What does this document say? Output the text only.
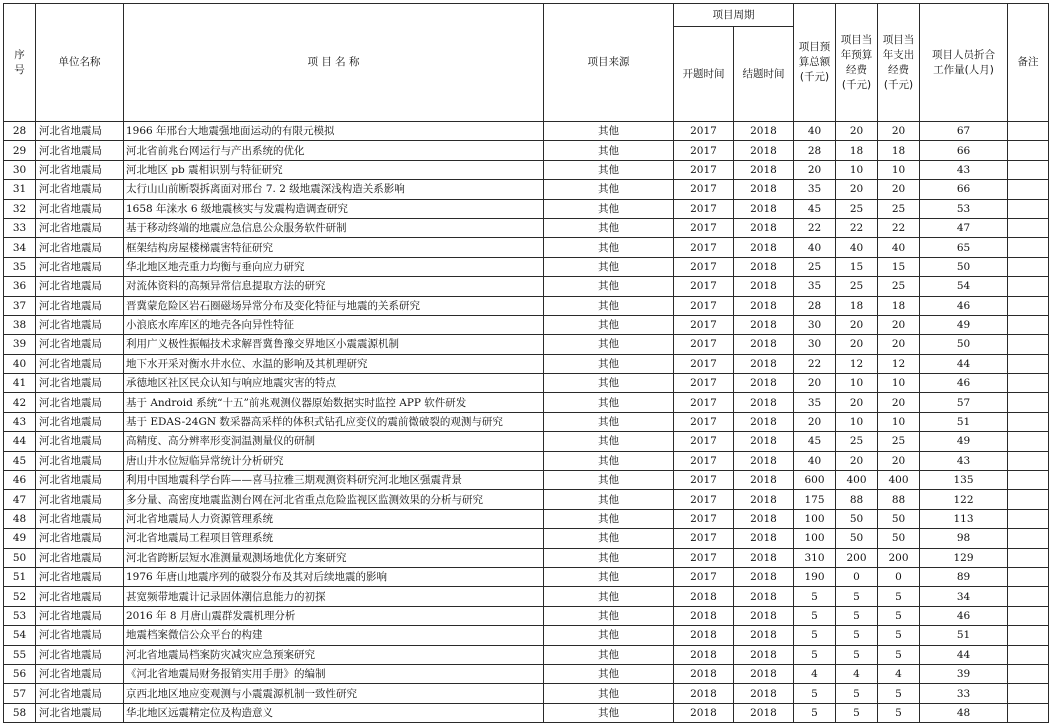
序号	单位名称	项 目 名 称	项目来源	项目周期		项目预算总额(千元)	项目当年预算经费(千元)	项目当年支出经费(千元)	项目人员折合工作量(人月)	备注
				开题时间	结题时间					
28	河北省地震局	1966 年邢台大地震强地面运动的有限元模拟	其他	2017	2018	40	20	20	67	
29	河北省地震局	河北省前兆台网运行与产出系统的优化	其他	2017	2018	28	18	18	66	
30	河北省地震局	河北地区 pb 震相识别与特征研究	其他	2017	2018	20	10	10	43	
31	河北省地震局	太行山山前断裂拆离面对邢台 7. 2 级地震深浅构造关系影响	其他	2017	2018	35	20	20	66	
32	河北省地震局	1658 年涞水 6 级地震核实与发震构造调查研究	其他	2017	2018	45	25	25	53	
33	河北省地震局	基于移动终端的地震应急信息公众服务软件研制	其他	2017	2018	22	22	22	47	
34	河北省地震局	框架结构房屋楼梯震害特征研究	其他	2017	2018	40	40	40	65	
35	河北省地震局	华北地区地壳重力均衡与垂向应力研究	其他	2017	2018	25	15	15	50	
36	河北省地震局	对流体资料的高频异常信息提取方法的研究	其他	2017	2018	35	25	25	54	
37	河北省地震局	晋冀蒙危险区岩石圈磁场异常分布及变化特征与地震的关系研究	其他	2017	2018	28	18	18	46	
38	河北省地震局	小浪底水库库区的地壳各向异性特征	其他	2017	2018	30	20	20	49	
39	河北省地震局	利用广义极性振幅技术求解晋冀鲁豫交界地区小震震源机制	其他	2017	2018	30	20	20	50	
40	河北省地震局	地下水开采对衡水井水位、水温的影响及其机理研究	其他	2017	2018	22	12	12	44	
41	河北省地震局	承德地区社区民众认知与响应地震灾害的特点	其他	2017	2018	20	10	10	46	
42	河北省地震局	基于 Android 系统“十五”前兆观测仪器原始数据实时监控 APP 软件研发	其他	2017	2018	35	20	20	57	
43	河北省地震局	基于 EDAS-24GN 数采器高采样的体积式钻孔应变仪的震前微破裂的观测与研究	其他	2017	2018	20	10	10	51	
44	河北省地震局	高精度、高分辨率形变洞温测量仪的研制	其他	2017	2018	45	25	25	49	
45	河北省地震局	唐山井水位短临异常统计分析研究	其他	2017	2018	40	20	20	43	
46	河北省地震局	利用中国地震科学台阵——喜马拉雅三期观测资料研究河北地区强震背景	其他	2017	2018	600	400	400	135	
47	河北省地震局	多分量、高密度地震监测台网在河北省重点危险监视区监测效果的分析与研究	其他	2017	2018	175	88	88	122	
48	河北省地震局	河北省地震局人力资源管理系统	其他	2017	2018	100	50	50	113	
49	河北省地震局	河北省地震局工程项目管理系统	其他	2017	2018	100	50	50	98	
50	河北省地震局	河北省跨断层短水准测量观测场地优化方案研究	其他	2017	2018	310	200	200	129	
51	河北省地震局	1976 年唐山地震序列的破裂分布及其对后续地震的影响	其他	2017	2018	190	0	0	89	
52	河北省地震局	甚宽频带地震计记录固体潮信息能力的初探	其他	2018	2018	5	5	5	34	
53	河北省地震局	2016 年 8 月唐山震群发震机理分析	其他	2018	2018	5	5	5	46	
54	河北省地震局	地震档案微信公众平台的构建	其他	2018	2018	5	5	5	51	
55	河北省地震局	河北省地震局档案防灾减灾应急预案研究	其他	2018	2018	5	5	5	44	
56	河北省地震局	《河北省地震局财务报销实用手册》的编制	其他	2018	2018	4	4	4	39	
57	河北省地震局	京西北地区地应变观测与小震震源机制一致性研究	其他	2018	2018	5	5	5	33	
58	河北省地震局	华北地区远震精定位及构造意义	其他	2018	2018	5	5	5	48	
